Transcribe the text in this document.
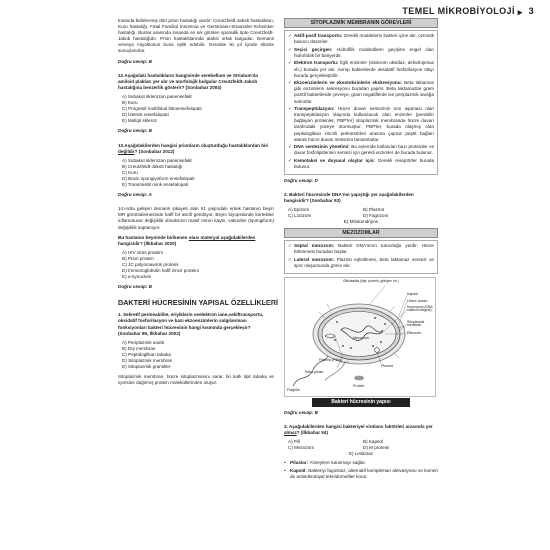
TEMEL MİKROBİYOLOJİ ▸ 3

İnsanda belirlenmiş dört prion hastalığı vardır: Creutzfeldt-Jakob hastalıkları, Kuru hastalığı, Fatal Familial İnsomnia ve Gerstmann-Straussler-Scheinker hastalığı. Bunlar arasında insanda en sık görülen sporadik tipte Creutzfeldt-Jakob hastalığıdır. Prion hastalıklarında ataksi ortak bulgudur. Demans ve/veya miyoklonus buna eşlik edebilir. Genelde iki yıl içinde ölümle sonuçlanırlar.

Doğru cevap: B
12.Aşağıdaki hastalıkların hangisinde serebellum ve Striatum'da amiloid plakları yer alır ve morfolojik bulgular Creutzfeldt-Jakob hastalığına benzerlik gösterir? (Sonbahar 2004)
A) Subakut sklerozan panensefalit
B) Kuru
C) Progresif multifokal lökoensefalopati
D) İstemik ensefalopati
E) Multipl skleroz
Doğru cevap: B
13.Aşağıdakilerden hangisi prionların oluşturduğu hastalıklardan biri değildir? (Sonbahar 2012)
A) Subakut sklerozan panensefalit
B) Creutzfeldt-Jakob hastalığı
C) Kuru
D) Bovin spongiyoform ensefalopati
E) Transmisibl mink ensefalopati
Doğru cevap: A

14.Hızla gelişen demans şikayeti olan 61 yaşındaki erkek hastanın beyin MR görüntülemesinde hafif bir atrofi görülüyor. Beyin biyopsisinde kortekste inflamatuvar değişiklik olmaksızın masif nöron kaybı, vakuoller (spongiform) değişiklik saptanıyor.

Bu hastanın beyninde birikenen olası materyal aşağıdakilerden hangisidir? (İlkbahar 2020)
A) HIV virüs proteini
B) Prion protein
C) JC polyomavirüs proteini
D) İmmünoglobülin hafif zincir proteini
E) α-synuclein
Doğru cevap: B
BAKTERİ HÜCRESİNİN YAPISAL ÖZELLİKLERİ
1. Sekretif permeabilite, eriyiklerin veelektron iane,sekiftransportu, oksidatif fosforilasyon ve bazı ekzoenzimlerin salgılanması fonksiyonları bakteri hücresinin hangi kısmında gerçekleşir? (Sonbahar 89, İlkbahar 2002)
A) Periplazmik aralık
B) Dış membran
C) Peptidoglikan tabaka
D) Sitoplazmik membran
E) Sitoplazmik granüller

Sitoplazmik membran, hücre sitoplazmasını sarar. İki katlı lipit tabaka ve içerisine dağılmış protein moleküllerinden oluşur.

SİTOPLAZMİK MEMBRANIN GÖREVLERİ
✓ Aktif-pasif transportu: Gerekli maddelerin bakteri içine alır, ozmotik basıncı düzenler.
✓ Seçici geçirgen: Hidrofilik moleküllerin geçişine engel olan hidrofobik bir bariyerdir.
✓ Elektron transportu: İlgili enzimler (sitokrom oksidaz, dehidrojenaz vb.) burada yer alır. Aerop bakterilerde oksidatif fosforilasyon ölayı burada gerçekleştirilir.
✓ Ekzoenzimlerin ve eksotoksinlerin ekskresyonu: Beta laktamaz gibi enzimlerin sekresyonu buradan yapılır. Beta laktamazlar gram pozitif bakterilerde çevreye, gram negatiflerde ise periplazmik aralığa salınırlar.
✓ Transpeptidazyon: Hücre duvarı sentezinin son aşaması olan transpeptidasyon olayında kullanılacak olan enzimler (penisilin bağlayan proteinler, PBP'ler) sitoplazmik membranda hücre duvarı tarafındaki yüzeye oturmuştur. PBP'ler, burada olaşmış olan peptidoglikan zincirli prekürsörleri arasına çapraz peptit bağları atarak hücre duvarı sentezini tamamlarlar.
✓ DNA sentezinin yönetimi: Bu eylemde kullanılan bazı proteinler ve duvar fosfolipitlerinin sentezi için gerekli enzimler de burada bulunur.
✓ Kemotaksi ve duyusal olaylar için: Gerekli reseptörler burada bulunur.
Doğru cevap: D
2. Bakteri hücresinde DNA'nın yapıştığı yer aşağıdakilerden hangisidir? (Sonbahar 92)
A) Epizom	B) Plazmit
C) Lizozom	D) Fagozom
E) Mitokondriyon
MEZOZOMLAR
✓ Septal mezozom: Bakteri DNA'sının tutunduğu yerdir. Hücre bölünmesi buradan başlar.
✓ Lateral mezozom: Plazmit eşletilmesi, beta laktamaz sentezi ve spor oluşumunda görev alır.
Glikokaliks (lipit, protein, glikojen vb.)
Kapsül
Hücre duvarı
Kromozom (DNA nükleoit bölgesi)
Sitoplazmik membran
Ribozom
Mezozom
Fimbria (Pilus)
Seks pilusu
Flagella
Protein
Plazmit
Bakteri hücresinin yapısı
Doğru cevap: B
3. Aşağıdakilerden hangisi bakteriyel virülans faktörleri arasında yer almaz? (İlkbahar 94)
A) Pili	B) Kapsül
C) Mezozom	D) M proteini
E) Lesitinaz
• Piluslar: Yüzeylere tutunmayı sağlar.
• Kapsül: Bakteriyi fagositoz, alternatif kompleman aktivasyonu ve komen de antimikrobiyal tekrıldırmeltler korur.
